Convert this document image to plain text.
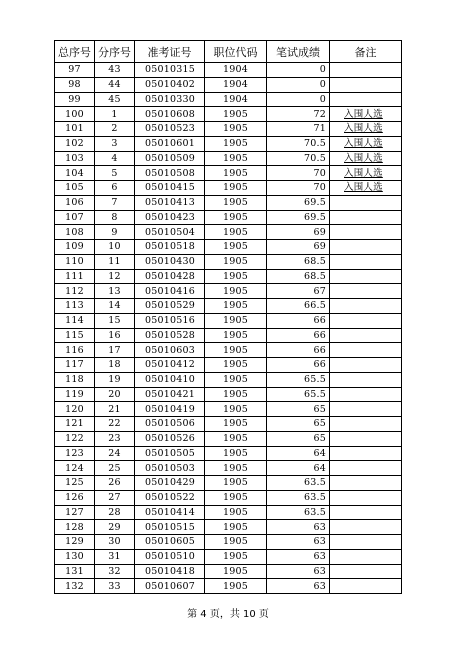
总序号	分序号	准考证号	职位代码	笔试成绩	备注
97	43	05010315	1904	0	
98	44	05010402	1904	0	
99	45	05010330	1904	0	
100	1	05010608	1905	72	入围人选
101	2	05010523	1905	71	入围人选
102	3	05010601	1905	70.5	入围人选
103	4	05010509	1905	70.5	入围人选
104	5	05010508	1905	70	入围人选
105	6	05010415	1905	70	入围人选
106	7	05010413	1905	69.5	
107	8	05010423	1905	69.5	
108	9	05010504	1905	69	
109	10	05010518	1905	69	
110	11	05010430	1905	68.5	
111	12	05010428	1905	68.5	
112	13	05010416	1905	67	
113	14	05010529	1905	66.5	
114	15	05010516	1905	66	
115	16	05010528	1905	66	
116	17	05010603	1905	66	
117	18	05010412	1905	66	
118	19	05010410	1905	65.5	
119	20	05010421	1905	65.5	
120	21	05010419	1905	65	
121	22	05010506	1905	65	
122	23	05010526	1905	65	
123	24	05010505	1905	64	
124	25	05010503	1905	64	
125	26	05010429	1905	63.5	
126	27	05010522	1905	63.5	
127	28	05010414	1905	63.5	
128	29	05010515	1905	63	
129	30	05010605	1905	63	
130	31	05010510	1905	63	
131	32	05010418	1905	63	
132	33	05010607	1905	63	
第 4 页，共 10 页
